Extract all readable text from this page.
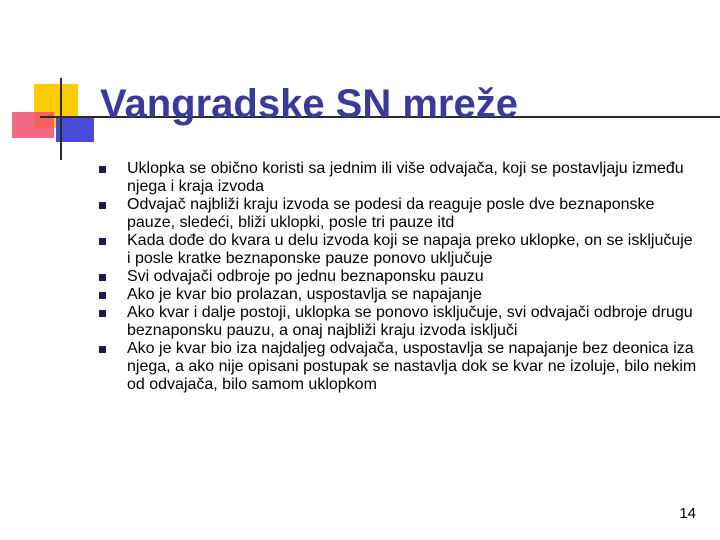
Vangradske SN mreže
Uklopka se obično koristi sa jednim ili više odvajača, koji se postavljaju između njega i kraja izvoda
Odvajač najbliži kraju izvoda se podesi da reaguje posle dve beznaponske pauze, sledeći, bliži uklopki, posle tri pauze itd
Kada dođe do kvara u delu izvoda koji se napaja preko uklopke, on se isključuje i posle kratke beznaponske pauze ponovo uključuje
Svi odvajači odbroje po jednu beznaponsku pauzu
Ako je kvar bio prolazan, uspostavlja se napajanje
Ako kvar i dalje postoji, uklopka se ponovo isključuje, svi odvajači odbroje drugu beznaponsku pauzu, a onaj najbliži kraju izvoda isključi
Ako je kvar bio iza najdaljeg odvajača, uspostavlja se napajanje bez deonica iza njega, a ako nije opisani postupak se nastavlja dok se kvar ne izoluje, bilo nekim od odvajača, bilo samom uklopkom
14
